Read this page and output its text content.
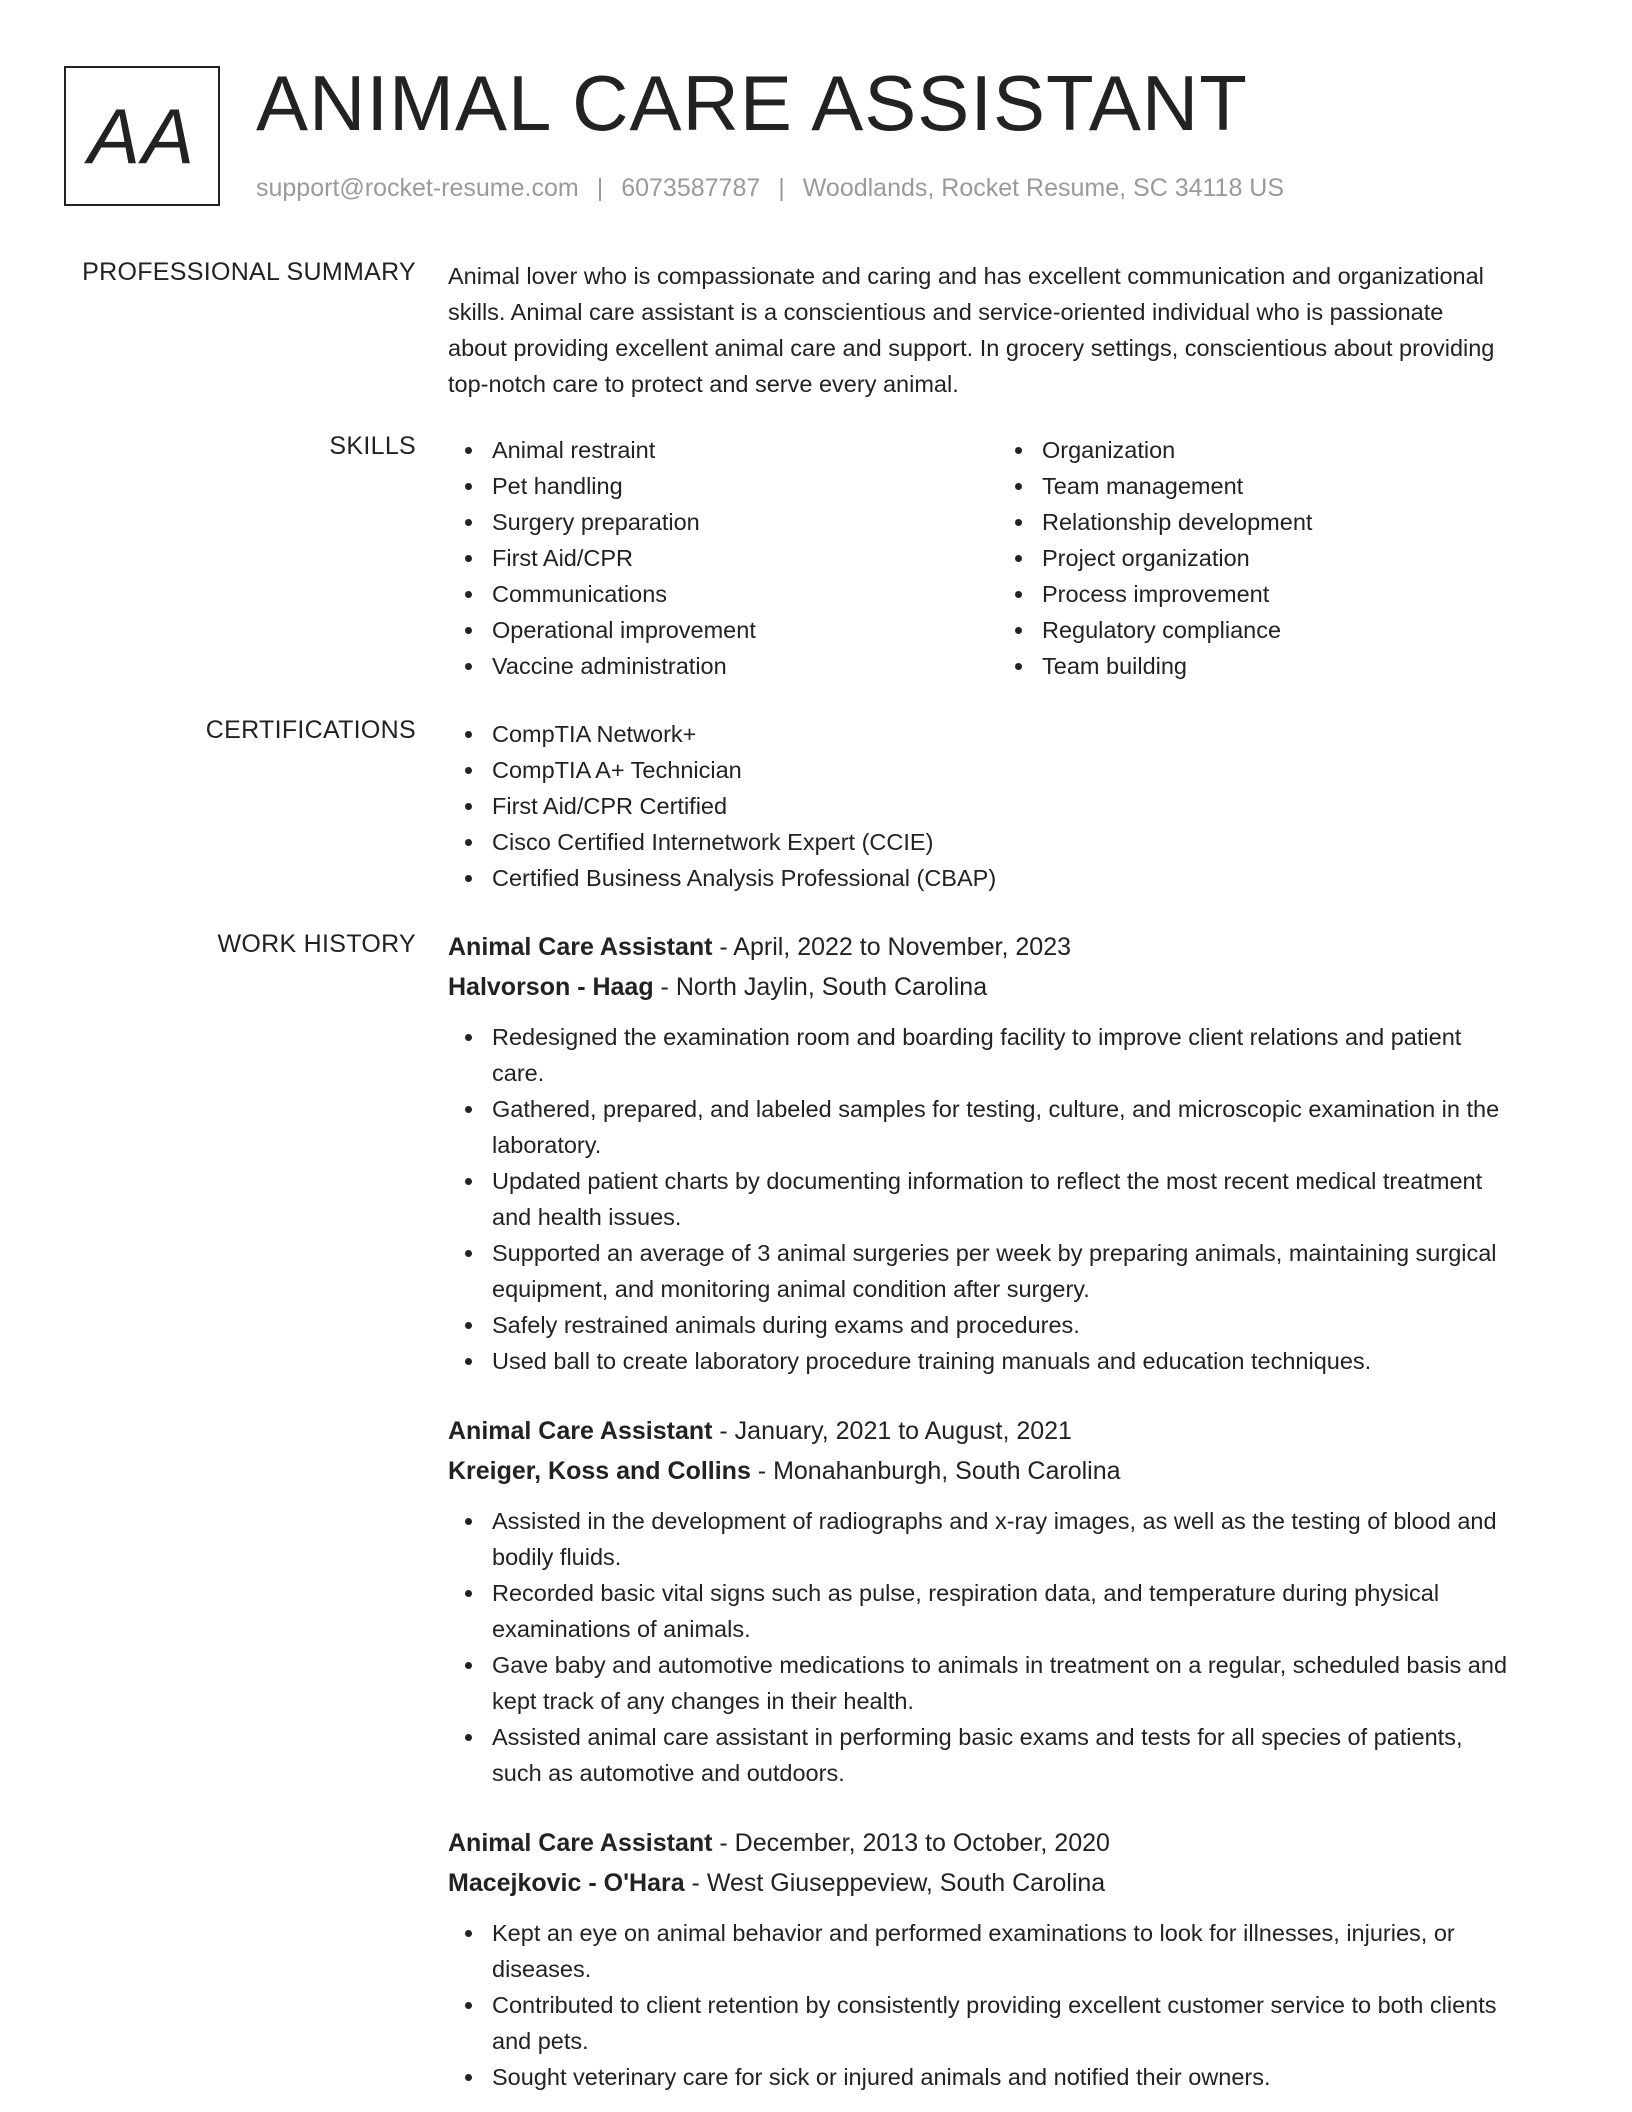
AA ANIMAL CARE ASSISTANT
support@rocket-resume.com | 6073587787 | Woodlands, Rocket Resume, SC 34118 US
PROFESSIONAL SUMMARY Animal lover who is compassionate and caring and has excellent communication and organizational
skills. Animal care assistant is a conscientious and service-oriented individual who is passionate
about providing excellent animal care and support. In grocery settings, conscientious about providing
top-notch care to protect and serve every animal.
SKILLS	Animal restraint
Pet handling
Surgery preparation
First Aid/CPR
Communications
Operational improvement
Vaccine administration
Organization
Team management
Relationship development
Project organization
Process improvement
Regulatory compliance
Team building
CERTIFICATIONS	CompTIA Network+
CompTIA A+ Technician
First Aid/CPR Certified
Cisco Certified Internetwork Expert (CCIE)
Certified Business Analysis Professional (CBAP)
WORK HISTORY Animal Care Assistant - April, 2022 to November, 2023
Halvorson - Haag - North Jaylin, South Carolina
Redesigned the examination room and boarding facility to improve client relations and patient
care.
Gathered, prepared, and labeled samples for testing, culture, and microscopic examination in the
laboratory.
Updated patient charts by documenting information to reflect the most recent medical treatment
and health issues.
Supported an average of 3 animal surgeries per week by preparing animals, maintaining surgical
equipment, and monitoring animal condition after surgery.
Safely restrained animals during exams and procedures.
Used ball to create laboratory procedure training manuals and education techniques.
Animal Care Assistant - January, 2021 to August, 2021
Kreiger, Koss and Collins - Monahanburgh, South Carolina
Assisted in the development of radiographs and x-ray images, as well as the testing of blood and
bodily fluids.
Recorded basic vital signs such as pulse, respiration data, and temperature during physical
examinations of animals.
Gave baby and automotive medications to animals in treatment on a regular, scheduled basis and
kept track of any changes in their health.
Assisted animal care assistant in performing basic exams and tests for all species of patients,
such as automotive and outdoors.
Animal Care Assistant - December, 2013 to October, 2020
Macejkovic - O'Hara - West Giuseppeview, South Carolina
Kept an eye on animal behavior and performed examinations to look for illnesses, injuries, or
diseases.
Contributed to client retention by consistently providing excellent customer service to both clients
and pets.
Sought veterinary care for sick or injured animals and notified their owners.
